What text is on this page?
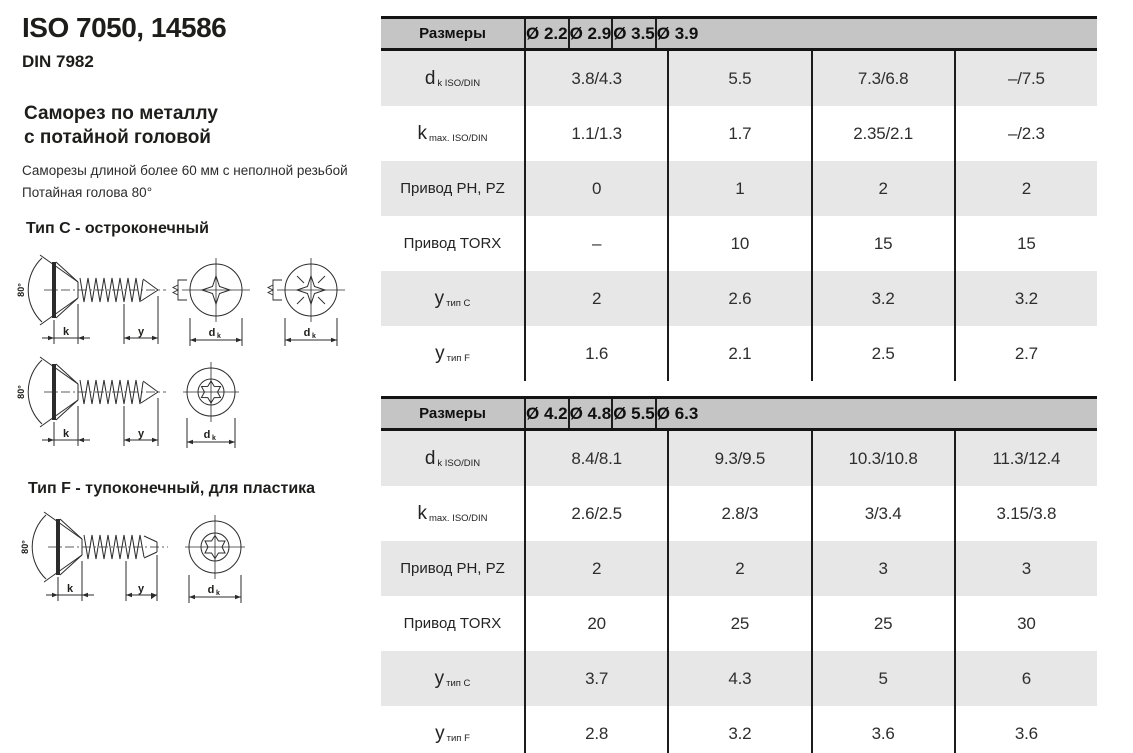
ISO 7050, 14586
DIN 7982
Саморез по металлу
с потайной головой
Саморезы длиной более 60 мм с неполной резьбой
Потайная голова 80°
Тип C - остроконечный
80°
k	y	d k	d k
80°
k	y	d k
Тип F - тупоконечный, для пластика
80°
k	y	d k
Размеры	Ø 2.2 Ø 2.9 Ø 3.5 Ø 3.9
d k ISO/DIN	3.8/4.3	5.5	7.3/6.8	–/7.5
k max. ISO/DIN	1.1/1.3	1.7	2.35/2.1	–/2.3
Привод PH, PZ	0	1	2	2
Привод TORX	–	10	15	15
y тип C	2	2.6	3.2	3.2
y тип F	1.6	2.1	2.5	2.7
Размеры	Ø 4.2 Ø 4.8 Ø 5.5 Ø 6.3
d k ISO/DIN	8.4/8.1	9.3/9.5	10.3/10.8	11.3/12.4
k max. ISO/DIN	2.6/2.5	2.8/3	3/3.4	3.15/3.8
Привод PH, PZ	2	2	3	3
Привод TORX	20	25	25	30
y тип C	3.7	4.3	5	6
y тип F	2.8	3.2	3.6	3.6
